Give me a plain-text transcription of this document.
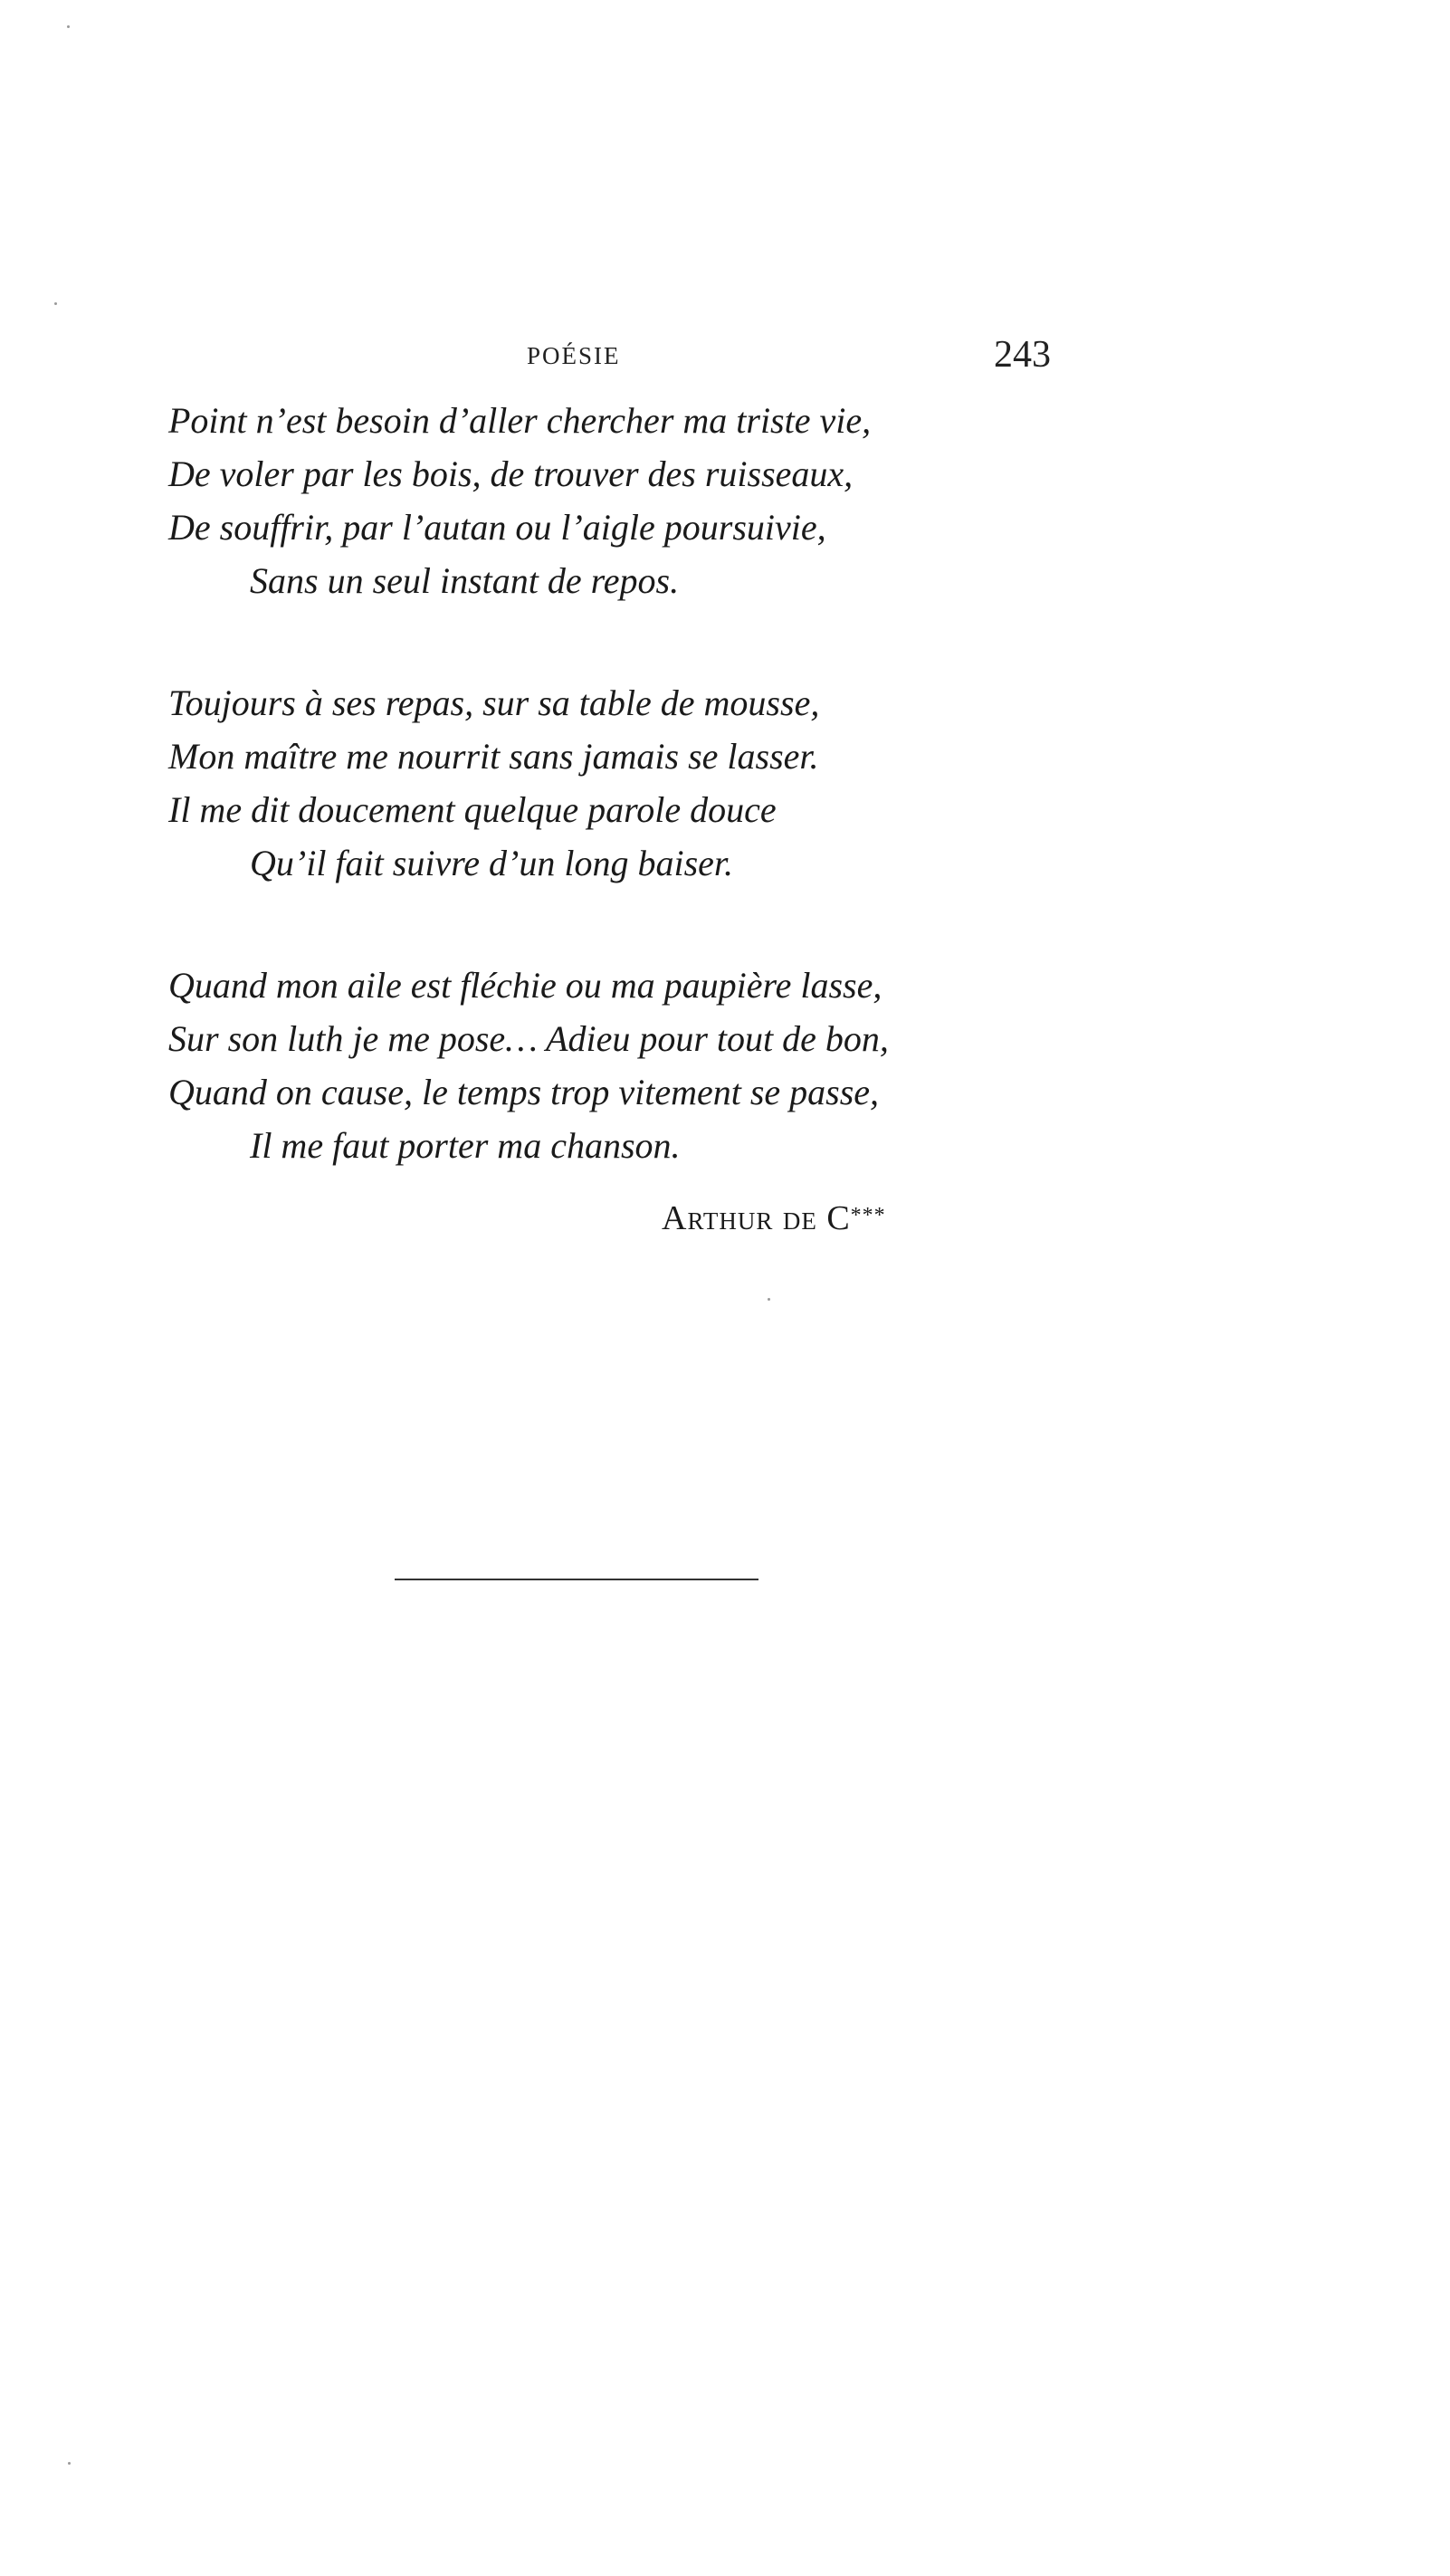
POÉSIE	243
Point n’est besoin d’aller chercher ma triste vie,
De voler par les bois, de trouver des ruisseaux,
De souffrir, par l’autan ou l’aigle poursuivie,
Sans un seul instant de repos.
Toujours à ses repas, sur sa table de mousse,
Mon maître me nourrit sans jamais se lasser.
Il me dit doucement quelque parole douce
Qu’il fait suivre d’un long baiser.
Quand mon aile est fléchie ou ma paupière lasse,
Sur son luth je me pose… Adieu pour tout de bon,
Quand on cause, le temps trop vitement se passe,
Il me faut porter ma chanson.
Arthur de C***
